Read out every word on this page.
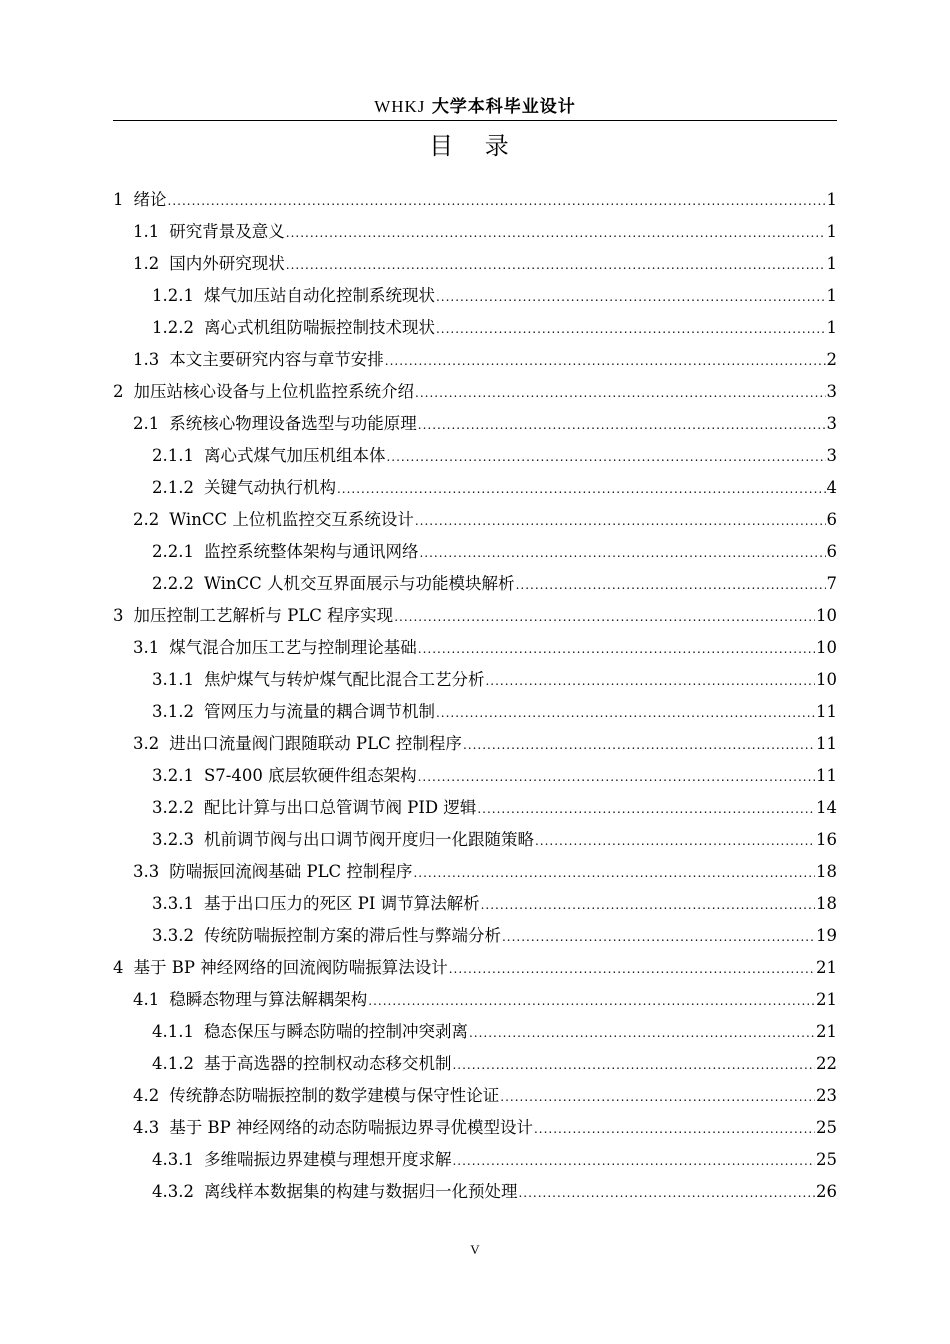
WHKJ 大学本科毕业设计
目 录
1 绪论 .....	1
1.1 研究背景及意义 .....	1
1.2 国内外研究现状 .....	1
1.2.1 煤气加压站自动化控制系统现状 .....	1
1.2.2 离心式机组防喘振控制技术现状 .....	1
1.3 本文主要研究内容与章节安排 .....	2
2 加压站核心设备与上位机监控系统介绍 .....	3
2.1 系统核心物理设备选型与功能原理 .....	3
2.1.1 离心式煤气加压机组本体 .....	3
2.1.2 关键气动执行机构 .....	4
2.2 WinCC 上位机监控交互系统设计 .....	6
2.2.1 监控系统整体架构与通讯网络 .....	6
2.2.2 WinCC 人机交互界面展示与功能模块解析 .....	7
3 加压控制工艺解析与 PLC 程序实现 .....	10
3.1 煤气混合加压工艺与控制理论基础 .....	10
3.1.1 焦炉煤气与转炉煤气配比混合工艺分析 .....	10
3.1.2 管网压力与流量的耦合调节机制 .....	11
3.2 进出口流量阀门跟随联动 PLC 控制程序 .....	11
3.2.1 S7-400 底层软硬件组态架构 .....	11
3.2.2 配比计算与出口总管调节阀 PID 逻辑 .....	14
3.2.3 机前调节阀与出口调节阀开度归一化跟随策略 .....	16
3.3 防喘振回流阀基础 PLC 控制程序 .....	18
3.3.1 基于出口压力的死区 PI 调节算法解析 .....	18
3.3.2 传统防喘振控制方案的滞后性与弊端分析 .....	19
4 基于 BP 神经网络的回流阀防喘振算法设计 .....	21
4.1 稳瞬态物理与算法解耦架构 .....	21
4.1.1 稳态保压与瞬态防喘的控制冲突剥离 .....	21
4.1.2 基于高选器的控制权动态移交机制 .....	22
4.2 传统静态防喘振控制的数学建模与保守性论证 .....	23
4.3 基于 BP 神经网络的动态防喘振边界寻优模型设计 .....	25
4.3.1 多维喘振边界建模与理想开度求解 .....	25
4.3.2 离线样本数据集的构建与数据归一化预处理 .....	26
V
